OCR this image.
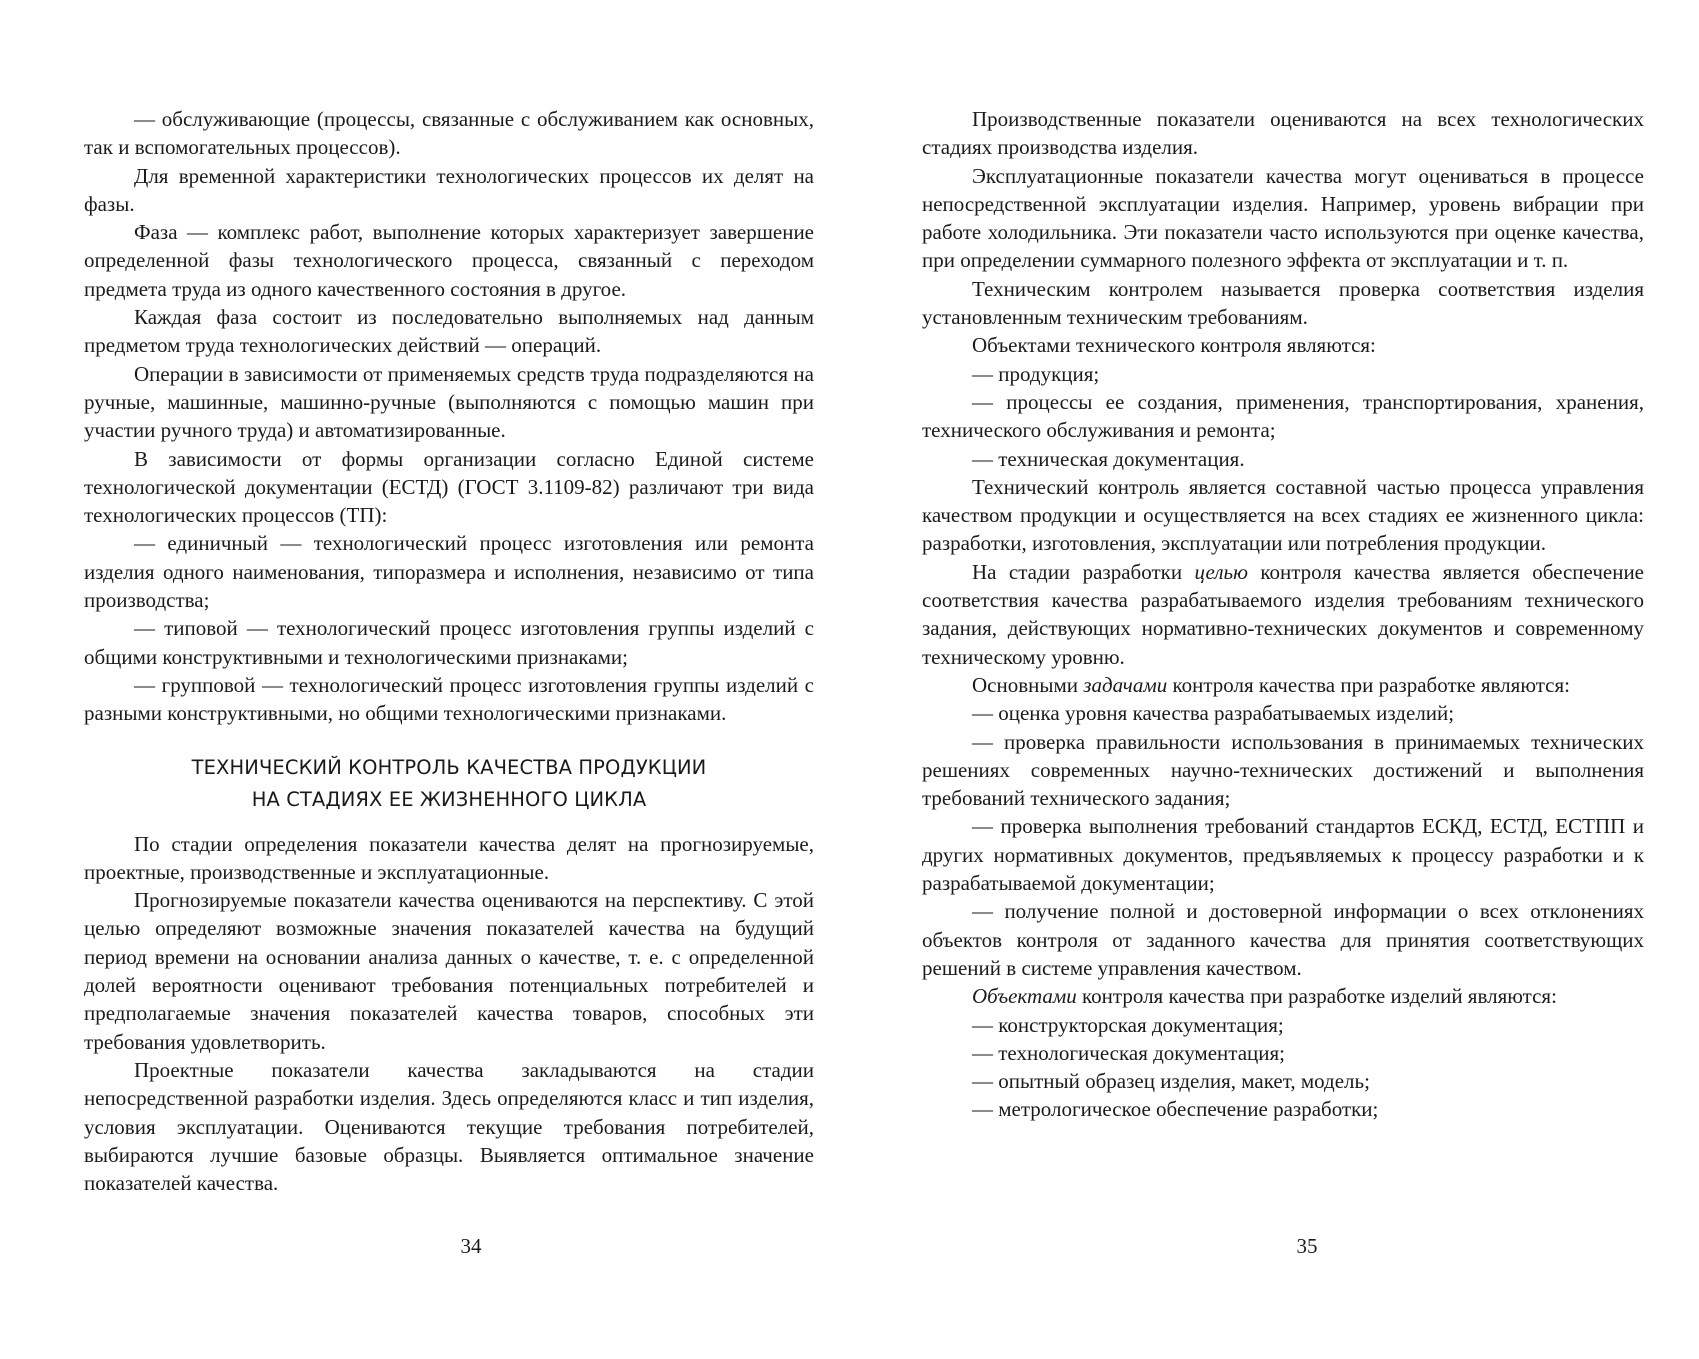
— обслуживающие (процессы, связанные с обслуживанием как основных, так и вспомогательных процессов).

Для временной характеристики технологических процессов их делят на фазы.

Фаза — комплекс работ, выполнение которых характеризует завершение определенной фазы технологического процесса, связанный с переходом предмета труда из одного качественного состояния в другое.

Каждая фаза состоит из последовательно выполняемых над данным предметом труда технологических действий — операций.

Операции в зависимости от применяемых средств труда подразделяются на ручные, машинные, машинно-ручные (выполняются с помощью машин при участии ручного труда) и автоматизированные.

В зависимости от формы организации согласно Единой системе технологической документации (ЕСТД) (ГОСТ 3.1109-82) различают три вида технологических процессов (ТП):

— единичный — технологический процесс изготовления или ремонта изделия одного наименования, типоразмера и исполнения, независимо от типа производства;

— типовой — технологический процесс изготовления группы изделий с общими конструктивными и технологическими признаками;

— групповой — технологический процесс изготовления группы изделий с разными конструктивными, но общими технологическими признаками.

ТЕХНИЧЕСКИЙ КОНТРОЛЬ КАЧЕСТВА ПРОДУКЦИИ
НА СТАДИЯХ ЕЕ ЖИЗНЕННОГО ЦИКЛА

По стадии определения показатели качества делят на прогнозируемые, проектные, производственные и эксплуатационные.

Прогнозируемые показатели качества оцениваются на перспективу. С этой целью определяют возможные значения показателей качества на будущий период времени на основании анализа данных о качестве, т. е. с определенной долей вероятности оценивают требования потенциальных потребителей и предполагаемые значения показателей качества товаров, способных эти требования удовлетворить.

Проектные показатели качества закладываются на стадии непосредственной разработки изделия. Здесь определяются класс и тип изделия, условия эксплуатации. Оцениваются текущие требования потребителей, выбираются лучшие базовые образцы. Выявляется оптимальное значение показателей качества.

34

Производственные показатели оцениваются на всех технологических стадиях производства изделия.

Эксплуатационные показатели качества могут оцениваться в процессе непосредственной эксплуатации изделия. Например, уровень вибрации при работе холодильника. Эти показатели часто используются при оценке качества, при определении суммарного полезного эффекта от эксплуатации и т. п.

Техническим контролем называется проверка соответствия изделия установленным техническим требованиям.

Объектами технического контроля являются:

— продукция;

— процессы ее создания, применения, транспортирования, хранения, технического обслуживания и ремонта;

— техническая документация.

Технический контроль является составной частью процесса управления качеством продукции и осуществляется на всех стадиях ее жизненного цикла: разработки, изготовления, эксплуатации или потребления продукции.

На стадии разработки целью контроля качества является обеспечение соответствия качества разрабатываемого изделия требованиям технического задания, действующих нормативно-технических документов и современному техническому уровню.

Основными задачами контроля качества при разработке являются:

— оценка уровня качества разрабатываемых изделий;

— проверка правильности использования в принимаемых технических решениях современных научно-технических достижений и выполнения требований технического задания;

— проверка выполнения требований стандартов ЕСКД, ЕСТД, ЕСТПП и других нормативных документов, предъявляемых к процессу разработки и к разрабатываемой документации;

— получение полной и достоверной информации о всех отклонениях объектов контроля от заданного качества для принятия соответствующих решений в системе управления качеством.

Объектами контроля качества при разработке изделий являются:

— конструкторская документация;

— технологическая документация;

— опытный образец изделия, макет, модель;

— метрологическое обеспечение разработки;

35
